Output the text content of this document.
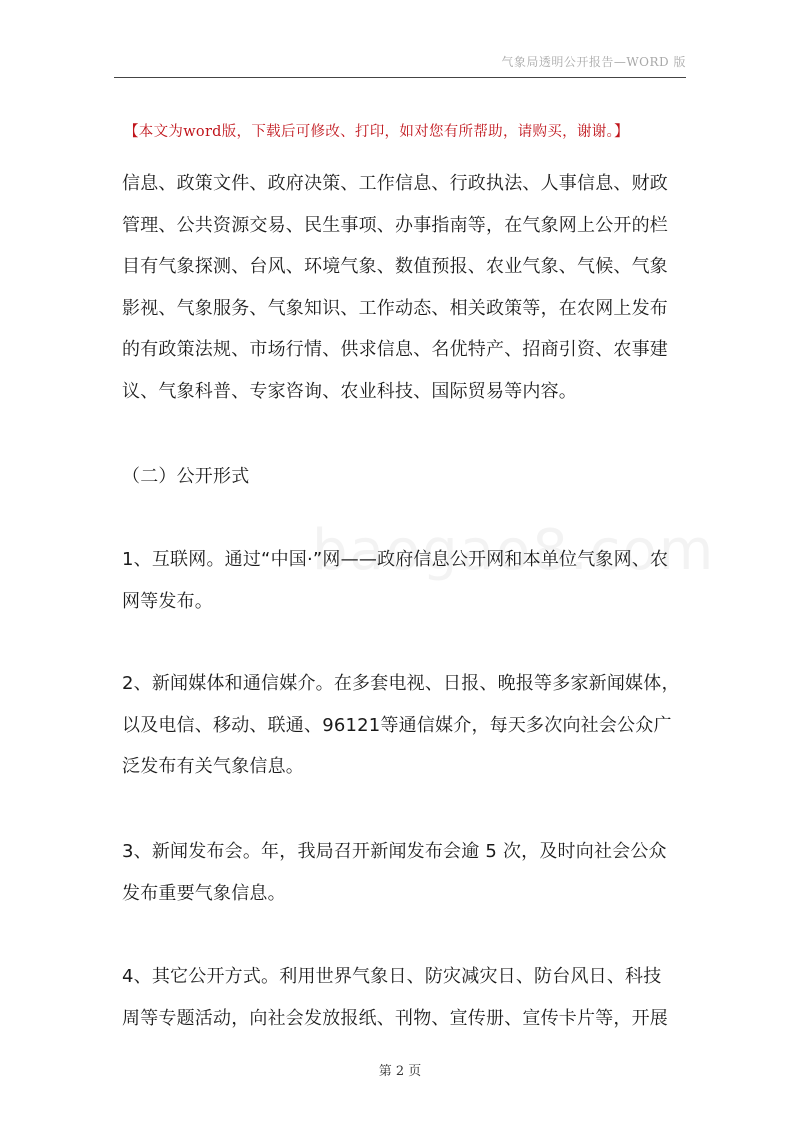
气象局透明公开报告—WORD 版
【本文为word版，下载后可修改、打印，如对您有所帮助，请购买，谢谢。】
信息、政策文件、政府决策、工作信息、行政执法、人事信息、财政
管理、公共资源交易、民生事项、办事指南等，在气象网上公开的栏
目有气象探测、台风、环境气象、数值预报、农业气象、气候、气象
影视、气象服务、气象知识、工作动态、相关政策等，在农网上发布
的有政策法规、市场行情、供求信息、名优特产、招商引资、农事建
议、气象科普、专家咨询、农业科技、国际贸易等内容。
（二）公开形式
1、互联网。通过“中国·”网——政府信息公开网和本单位气象网、农
网等发布。
2、新闻媒体和通信媒介。在多套电视、日报、晚报等多家新闻媒体，
以及电信、移动、联通、96121等通信媒介，每天多次向社会公众广
泛发布有关气象信息。
3、新闻发布会。年，我局召开新闻发布会逾 5 次，及时向社会公众
发布重要气象信息。
4、其它公开方式。利用世界气象日、防灾减灾日、防台风日、科技
周等专题活动，向社会发放报纸、刊物、宣传册、宣传卡片等，开展
第 2 页
